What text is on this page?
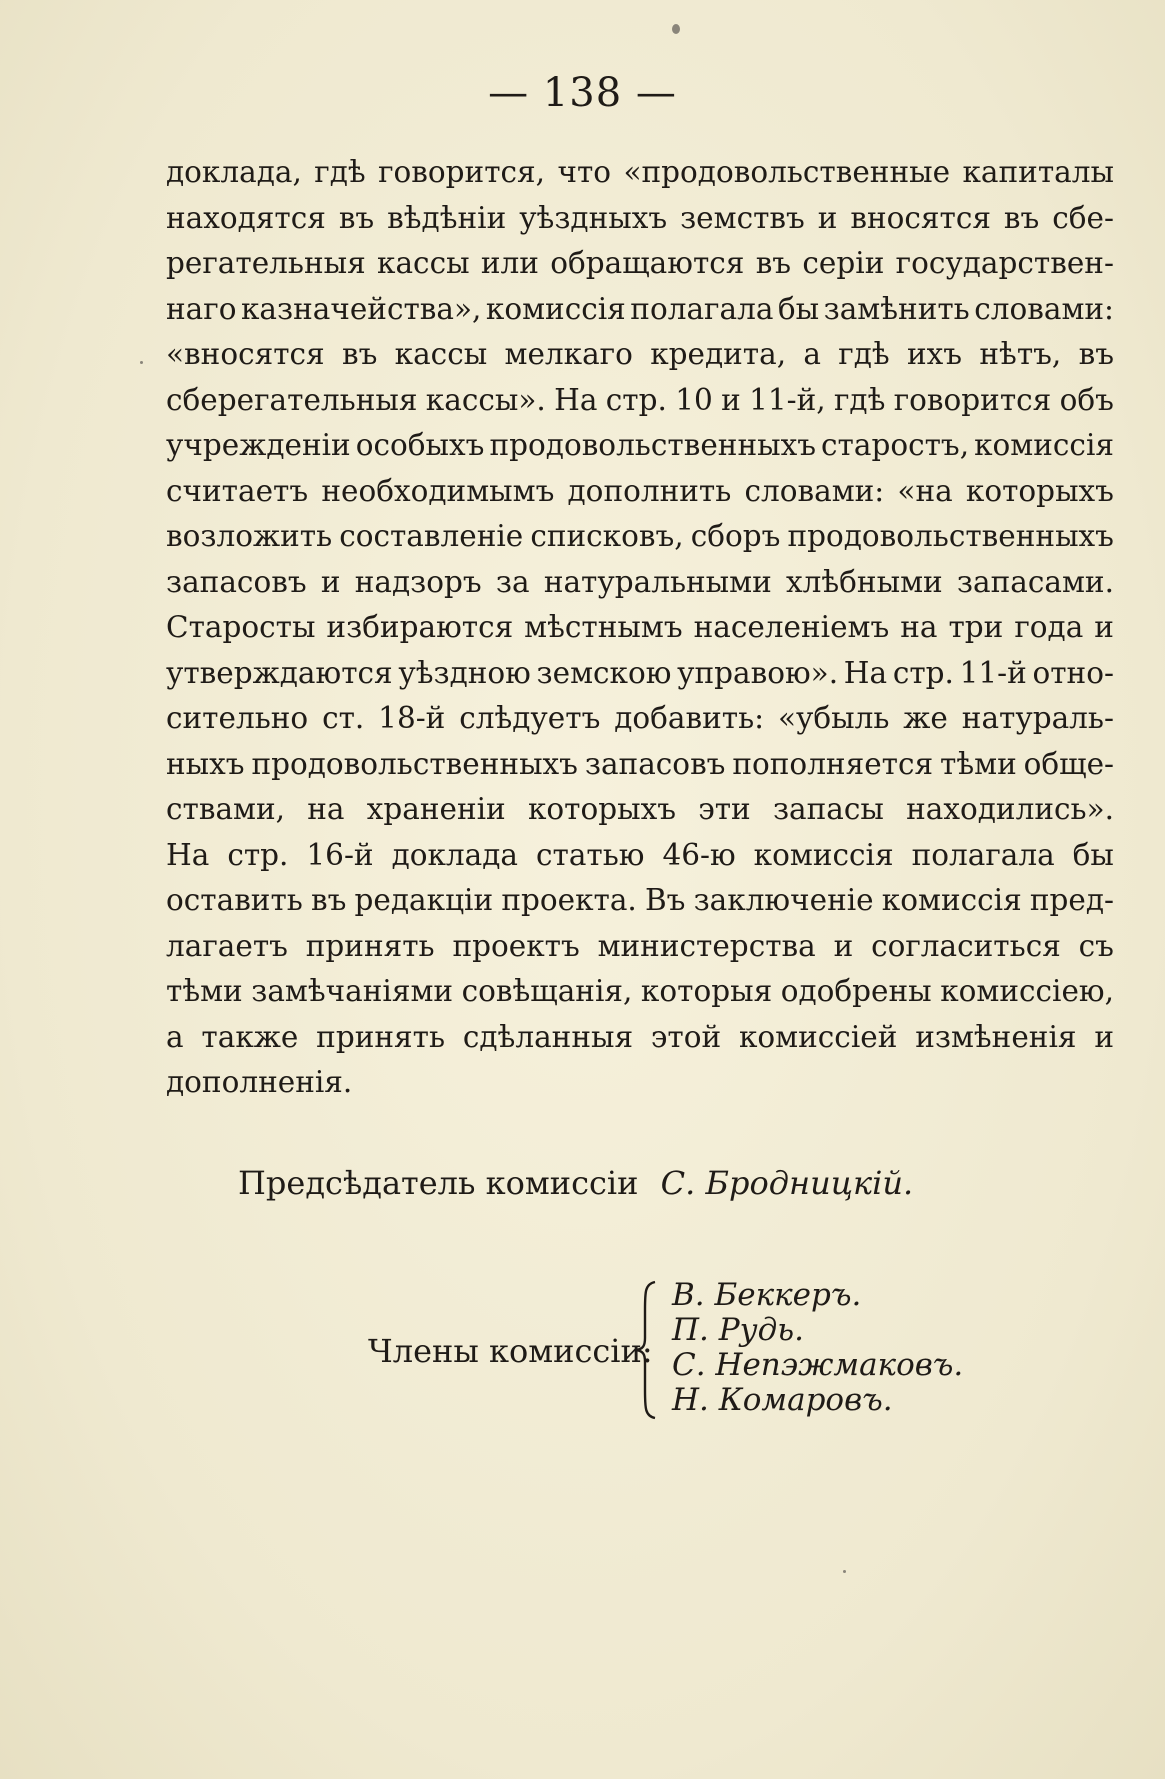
— 138 —
доклада, гдѣ говорится, что «продовольственные капиталы
находятся въ вѣдѣніи уѣздныхъ земствъ и вносятся въ сбе-
регательныя кассы или обращаются въ серіи государствен-
наго казначейства», комиссія полагала бы замѣнить словами:
«вносятся въ кассы мелкаго кредита, а гдѣ ихъ нѣтъ, въ
сберегательныя кассы». На стр. 10 и 11-й, гдѣ говорится объ
учрежденіи особыхъ продовольственныхъ старостъ, комиссія
считаетъ необходимымъ дополнить словами: «на которыхъ
возложить составленіе списковъ, сборъ продовольственныхъ
запасовъ и надзоръ за натуральными хлѣбными запасами.
Старосты избираются мѣстнымъ населеніемъ на три года и
утверждаются уѣздною земскою управою». На стр. 11-й отно-
сительно ст. 18-й слѣдуетъ добавить: «убыль же натураль-
ныхъ продовольственныхъ запасовъ пополняется тѣми обще-
ствами, на храненіи которыхъ эти запасы находились».
На стр. 16-й доклада статью 46-ю комиссія полагала бы
оставить въ редакціи проекта. Въ заключеніе комиссія пред-
лагаетъ принять проектъ министерства и согласиться съ
тѣми замѣчаніями совѣщанія, которыя одобрены комиссіею,
а также принять сдѣланныя этой комиссіей измѣненія и
дополненія.
Предсѣдатель комиссіи С. Бродницкій.
Члены комиссіи:
В. Беккеръ.
П. Рудь.
С. Непэжмаковъ.
Н. Комаровъ.
